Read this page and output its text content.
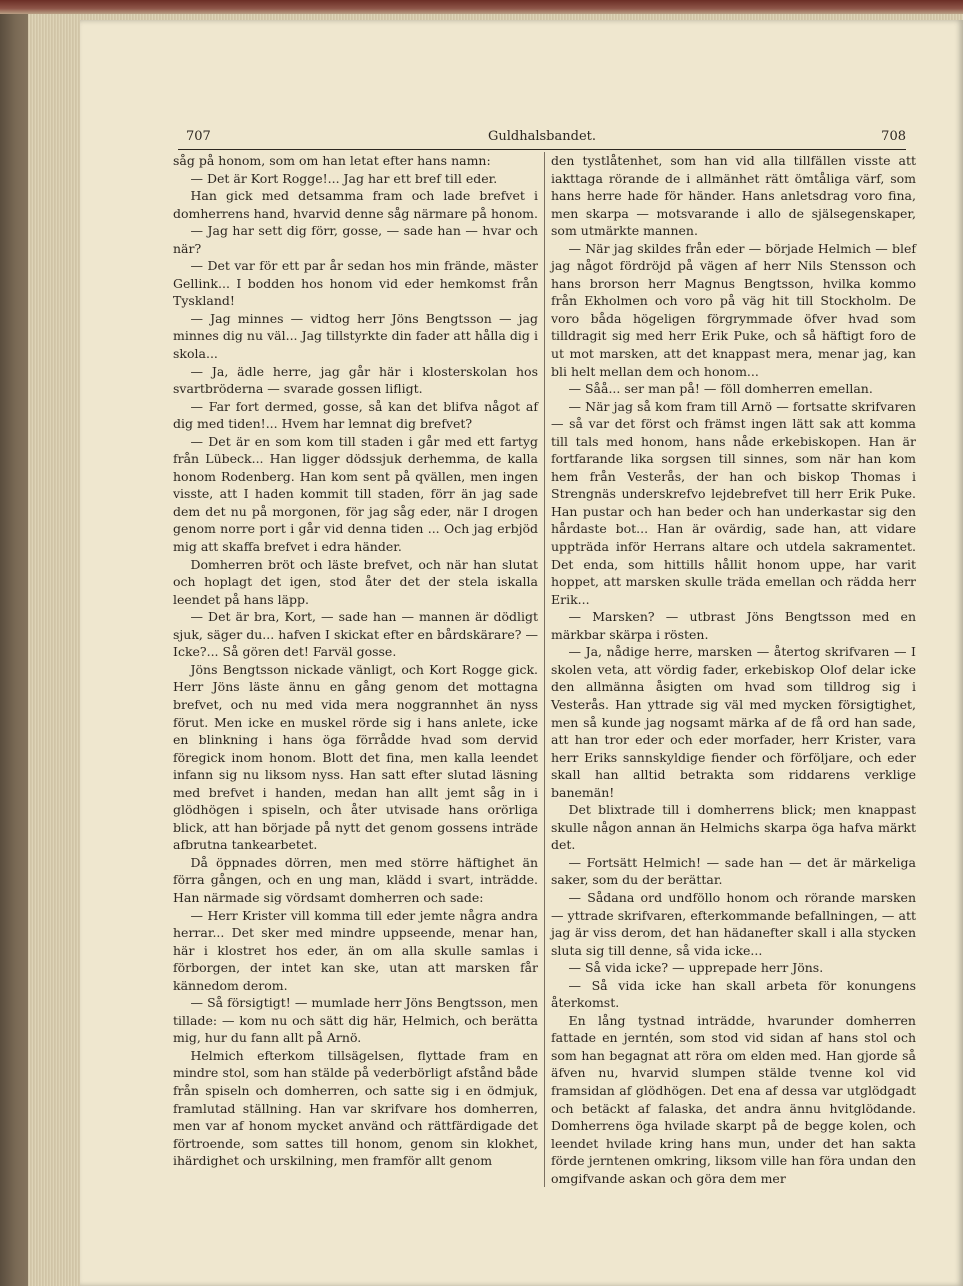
707	Guldhalsbandet.	708

såg på honom, som om han letat efter hans namn:

— Det är Kort Rogge!... Jag har ett bref till eder.

Han gick med detsamma fram och lade brefvet i domherrens hand, hvarvid denne såg närmare på honom.

— Jag har sett dig förr, gosse, — sade han — hvar och när?

— Det var för ett par år sedan hos min frände, mäster Gellink... I bodden hos honom vid eder hemkomst från Tyskland!

— Jag minnes — vidtog herr Jöns Bengtsson — jag minnes dig nu väl... Jag tillstyrkte din fader att hålla dig i skola...

— Ja, ädle herre, jag går här i klosterskolan hos svartbröderna — svarade gossen lifligt.

— Far fort dermed, gosse, så kan det blifva något af dig med tiden!... Hvem har lemnat dig brefvet?

— Det är en som kom till staden i går med ett fartyg från Lübeck... Han ligger dödssjuk derhemma, de kalla honom Rodenberg. Han kom sent på qvällen, men ingen visste, att I haden kommit till staden, förr än jag sade dem det nu på morgonen, för jag såg eder, när I drogen genom norre port i går vid denna tiden ... Och jag erbjöd mig att skaffa brefvet i edra händer.

Domherren bröt och läste brefvet, och när han slutat och hoplagt det igen, stod åter det der stela iskalla leendet på hans läpp.

— Det är bra, Kort, — sade han — mannen är dödligt sjuk, säger du... hafven I skickat efter en bårdskärare? — Icke?... Så gören det! Farväl gosse.

Jöns Bengtsson nickade vänligt, och Kort Rogge gick. Herr Jöns läste ännu en gång genom det mottagna brefvet, och nu med vida mera noggrannhet än nyss förut. Men icke en muskel rörde sig i hans anlete, icke en blinkning i hans öga förrådde hvad som dervid föregick inom honom. Blott det fina, men kalla leendet infann sig nu liksom nyss. Han satt efter slutad läsning med brefvet i handen, medan han allt jemt såg in i glödhögen i spiseln, och åter utvisade hans orörliga blick, att han började på nytt det genom gossens inträde afbrutna tankearbetet.

Då öppnades dörren, men med större häftighet än förra gången, och en ung man, klädd i svart, inträdde. Han närmade sig vördsamt domherren och sade:

— Herr Krister vill komma till eder jemte några andra herrar... Det sker med mindre uppseende, menar han, här i klostret hos eder, än om alla skulle samlas i förborgen, der intet kan ske, utan att marsken får kännedom derom.

— Så försigtigt! — mumlade herr Jöns Bengtsson, men tillade: — kom nu och sätt dig här, Helmich, och berätta mig, hur du fann allt på Arnö.

Helmich efterkom tillsägelsen, flyttade fram en mindre stol, som han stälde på vederbörligt afstånd både från spiseln och domherren, och satte sig i en ödmjuk, framlutad ställning. Han var skrifvare hos domherren, men var af honom mycket använd och rättfärdigade det förtroende, som sattes till honom, genom sin klokhet, ihärdighet och urskilning, men framför allt genom

den tystlåtenhet, som han vid alla tillfällen visste att iakttaga rörande de i allmänhet rätt ömtåliga värf, som hans herre hade för händer. Hans anletsdrag voro fina, men skarpa — motsvarande i allo de själsegenskaper, som utmärkte mannen.

— När jag skildes från eder — började Helmich — blef jag något fördröjd på vägen af herr Nils Stensson och hans brorson herr Magnus Bengtsson, hvilka kommo från Ekholmen och voro på väg hit till Stockholm. De voro båda högeligen förgrymmade öfver hvad som tilldragit sig med herr Erik Puke, och så häftigt foro de ut mot marsken, att det knappast mera, menar jag, kan bli helt mellan dem och honom...

— Såå... ser man på! — föll domherren emellan.

— När jag så kom fram till Arnö — fortsatte skrifvaren — så var det först och främst ingen lätt sak att komma till tals med honom, hans nåde erkebiskopen. Han är fortfarande lika sorgsen till sinnes, som när han kom hem från Vesterås, der han och biskop Thomas i Strengnäs underskrefvo lejdebrefvet till herr Erik Puke. Han pustar och han beder och han underkastar sig den hårdaste bot... Han är ovärdig, sade han, att vidare uppträda inför Herrans altare och utdela sakramentet. Det enda, som hittills hållit honom uppe, har varit hoppet, att marsken skulle träda emellan och rädda herr Erik...

— Marsken? — utbrast Jöns Bengtsson med en märkbar skärpa i rösten.

— Ja, nådige herre, marsken — återtog skrifvaren — I skolen veta, att vördig fader, erkebiskop Olof delar icke den allmänna åsigten om hvad som tilldrog sig i Vesterås. Han yttrade sig väl med mycken försigtighet, men så kunde jag nogsamt märka af de få ord han sade, att han tror eder och eder morfader, herr Krister, vara herr Eriks sannskyldige fiender och förföljare, och eder skall han alltid betrakta som riddarens verklige banemän!

Det blixtrade till i domherrens blick; men knappast skulle någon annan än Helmichs skarpa öga hafva märkt det.

— Fortsätt Helmich! — sade han — det är märkeliga saker, som du der berättar.

— Sådana ord undföllo honom och rörande marsken — yttrade skrifvaren, efterkommande befallningen, — att jag är viss derom, det han hädanefter skall i alla stycken sluta sig till denne, så vida icke...

— Så vida icke? — upprepade herr Jöns.

— Så vida icke han skall arbeta för konungens återkomst.

En lång tystnad inträdde, hvarunder domherren fattade en jerntén, som stod vid sidan af hans stol och som han begagnat att röra om elden med. Han gjorde så äfven nu, hvarvid slumpen stälde tvenne kol vid framsidan af glödhögen. Det ena af dessa var utglödgadt och betäckt af falaska, det andra ännu hvitglödande. Domherrens öga hvilade skarpt på de begge kolen, och leendet hvilade kring hans mun, under det han sakta förde jerntenen omkring, liksom ville han föra undan den omgifvande askan och göra dem mer
